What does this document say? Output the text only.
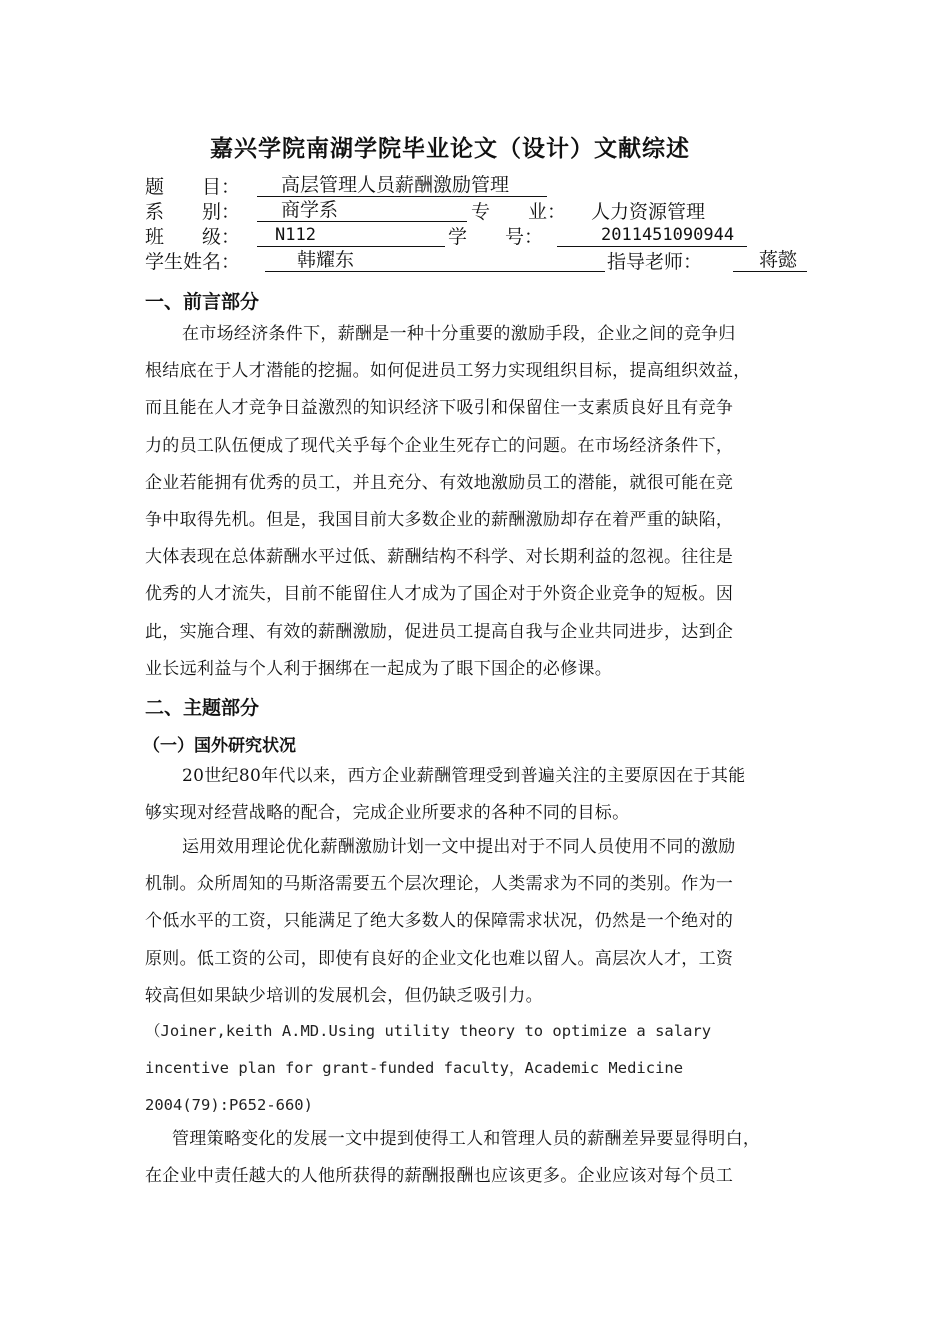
嘉兴学院南湖学院毕业论文（设计）文献综述
题　　目：	高层管理人员薪酬激励管理
系　　别：	商学系	专　　业： 人力资源管理
班　　级：	N112	学　　号：	2011451090944
学生姓名：	韩耀东	指导老师：	蒋懿
一、前言部分
在市场经济条件下，薪酬是一种十分重要的激励手段，企业之间的竞争归
根结底在于人才潜能的挖掘。如何促进员工努力实现组织目标，提高组织效益，
而且能在人才竞争日益激烈的知识经济下吸引和保留住一支素质良好且有竞争
力的员工队伍便成了现代关乎每个企业生死存亡的问题。在市场经济条件下，
企业若能拥有优秀的员工，并且充分、有效地激励员工的潜能，就很可能在竞
争中取得先机。但是，我国目前大多数企业的薪酬激励却存在着严重的缺陷，
大体表现在总体薪酬水平过低、薪酬结构不科学、对长期利益的忽视。往往是
优秀的人才流失，目前不能留住人才成为了国企对于外资企业竞争的短板。因
此，实施合理、有效的薪酬激励，促进员工提高自我与企业共同进步，达到企
业长远利益与个人利于捆绑在一起成为了眼下国企的必修课。
二、主题部分
（一）国外研究状况
20世纪80年代以来，西方企业薪酬管理受到普遍关注的主要原因在于其能
够实现对经营战略的配合，完成企业所要求的各种不同的目标。
运用效用理论优化薪酬激励计划一文中提出对于不同人员使用不同的激励
机制。众所周知的马斯洛需要五个层次理论，人类需求为不同的类别。作为一
个低水平的工资，只能满足了绝大多数人的保障需求状况，仍然是一个绝对的
原则。低工资的公司，即使有良好的企业文化也难以留人。高层次人才，工资
较高但如果缺少培训的发展机会，但仍缺乏吸引力。
（Joiner,keith A.MD.Using utility theory to optimize a salary
incentive plan for grant-funded faculty，Academic Medicine
2004(79):P652-660)
管理策略变化的发展一文中提到使得工人和管理人员的薪酬差异要显得明白，
在企业中责任越大的人他所获得的薪酬报酬也应该更多。企业应该对每个员工
